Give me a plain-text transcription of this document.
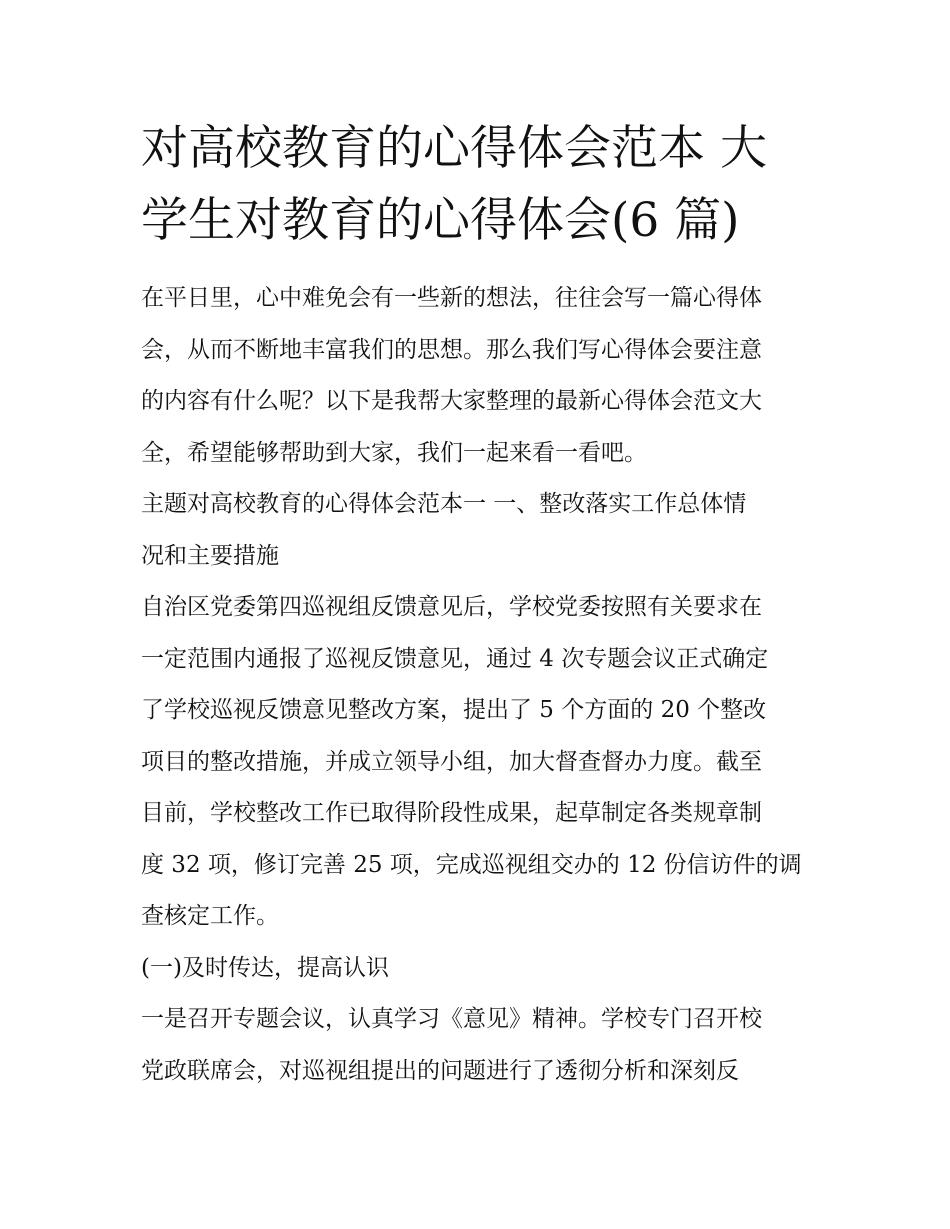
对高校教育的心得体会范本 大
学生对教育的心得体会(6 篇)
在平日里，心中难免会有一些新的想法，往往会写一篇心得体
会，从而不断地丰富我们的思想。那么我们写心得体会要注意
的内容有什么呢？以下是我帮大家整理的最新心得体会范文大
全，希望能够帮助到大家，我们一起来看一看吧。
主题对高校教育的心得体会范本一 一、整改落实工作总体情
况和主要措施
自治区党委第四巡视组反馈意见后，学校党委按照有关要求在
一定范围内通报了巡视反馈意见，通过 4 次专题会议正式确定
了学校巡视反馈意见整改方案，提出了 5 个方面的 20 个整改
项目的整改措施，并成立领导小组，加大督查督办力度。截至
目前，学校整改工作已取得阶段性成果，起草制定各类规章制
度 32 项，修订完善 25 项，完成巡视组交办的 12 份信访件的调
查核定工作。
(一)及时传达，提高认识
一是召开专题会议，认真学习《意见》精神。学校专门召开校
党政联席会，对巡视组提出的问题进行了透彻分析和深刻反
